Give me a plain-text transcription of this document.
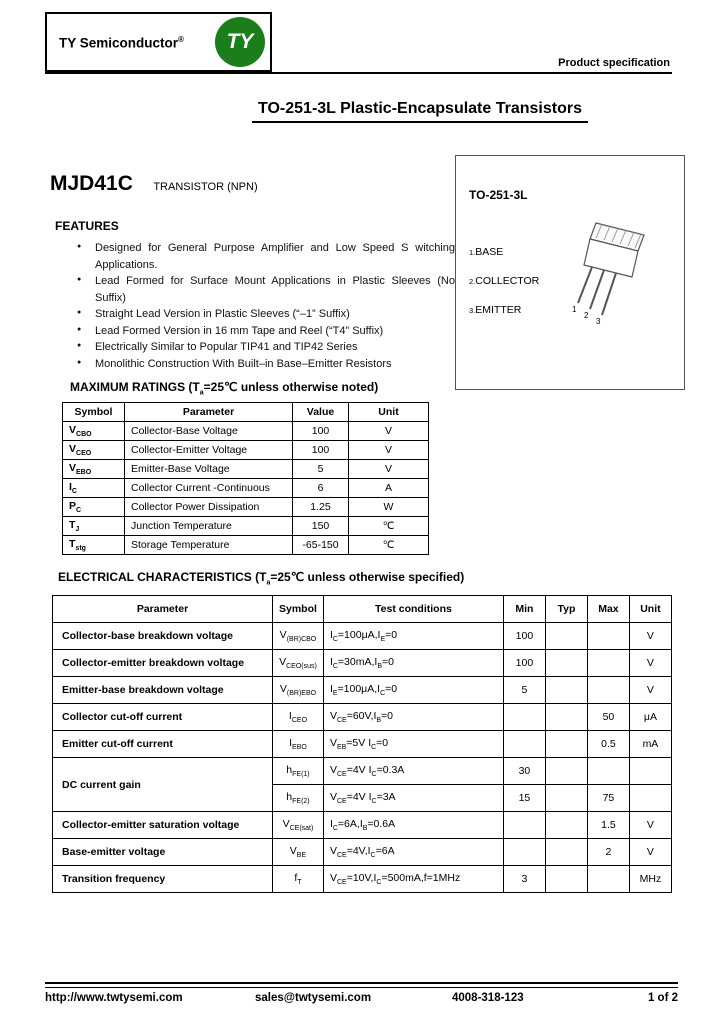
TY Semiconductor®	TY
Product specification
TO-251-3L Plastic-Encapsulate Transistors
MJD41C TRANSISTOR (NPN)
TO-251-3L
1.BASE
2.COLLECTOR
3.EMITTER	1
2
3
FEATURES
● Designed for General Purpose Amplifier and Low Speed S witching Applications.
● Lead Formed for Surface Mount Applications in Plastic Sleeves (No Suffix)
● Straight Lead Version in Plastic Sleeves (“–1” Suffix)
● Lead Formed Version in 16 mm Tape and Reel (“T4” Suffix)
● Electrically Similar to Popular TIP41 and TIP42 Series
● Monolithic Construction With Built–in Base–Emitter Resistors
MAXIMUM RATINGS ($T_a=25℃$ unless otherwise noted)
Symbol	Parameter	Value	Unit
$V_{CBO}$	Collector-Base Voltage	100	V
$V_{CEO}$	Collector-Emitter Voltage	100	V
$V_{EBO}$	Emitter-Base Voltage	5	V
$I_C$	Collector Current -Continuous	6	A
$P_C$	Collector Power Dissipation	1.25	W
$T_J$	Junction Temperature	150	℃
$T_{stg}$	Storage Temperature	-65-150	℃
ELECTRICAL CHARACTERISTICS ($T_a=25℃$ unless otherwise specified)
Parameter	Symbol	Test conditions	Min	Typ	Max	Unit
Collector-base breakdown voltage	$V_{(BR)CBO}$	$I_C=100\mu A,I_E=0$	100			V
Collector-emitter breakdown voltage	$V_{CEO(sus)}$	$I_C=30mA,I_B=0$	100			V
Emitter-base breakdown voltage	$V_{(BR)EBO}$	$I_E=100\mu A,I_C=0$	5			V
Collector cut-off current	$I_{CEO}$	$V_{CE}=60V,I_B=0$			50	μA
Emitter cut-off current	$I_{EBO}$	$V_{EB}=5V$ $I_C=0$			0.5	mA
DC current gain	$h_{FE(1)}$	$V_{CE}=4V$ $I_C=0.3A$	30			
	$h_{FE(2)}$	$V_{CE}=4V$ $I_C=3A$	15		75	
Collector-emitter saturation voltage	$V_{CE(sat)}$	$I_C=6A,I_B=0.6A$			1.5	V
Base-emitter voltage	$V_{BE}$	$V_{CE}=4V,I_C=6A$			2	V
Transition frequency	$f_T$	$V_{CE}=10V,I_C=500mA,f=1MHz$	3			MHz
http://www.twtysemi.com	sales@twtysemi.com	4008-318-123	1 of 2
